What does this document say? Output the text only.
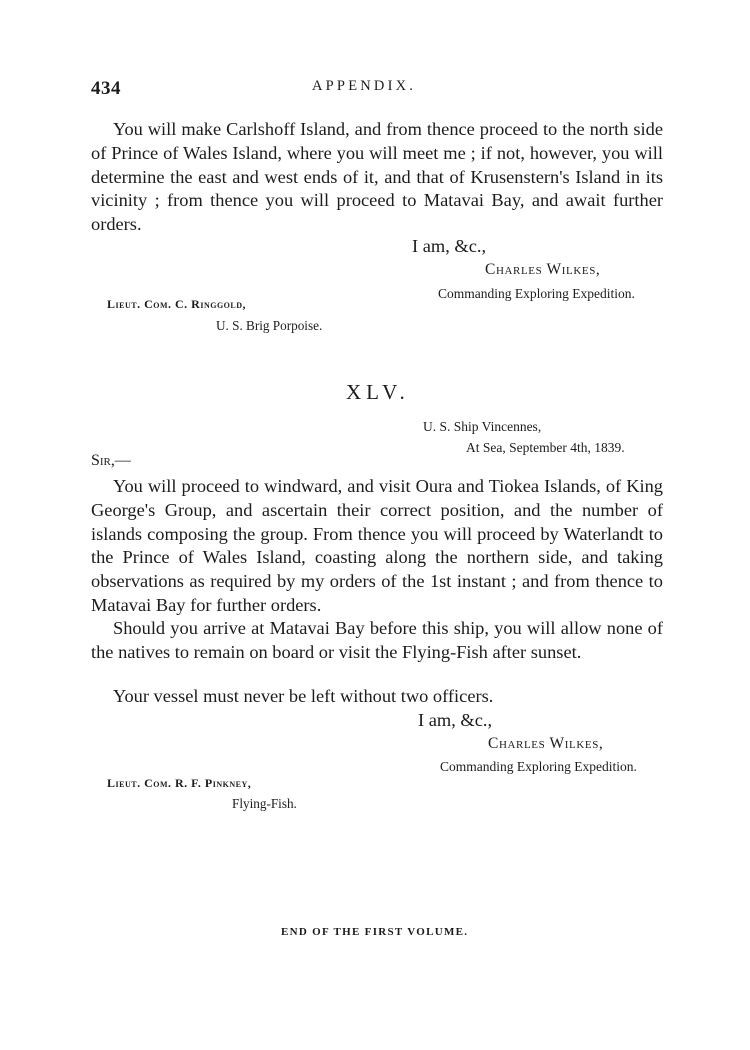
434	APPENDIX.
You will make Carlshoff Island, and from thence proceed to the north side of Prince of Wales Island, where you will meet me ; if not, however, you will determine the east and west ends of it, and that of Krusenstern's Island in its vicinity ; from thence you will proceed to Matavai Bay, and await further orders.
I am, &c.,
Charles Wilkes,
Commanding Exploring Expedition.
Lieut. Com. C. Ringgold,
U. S. Brig Porpoise.
XLV.
U. S. Ship Vincennes,
At Sea, September 4th, 1839.
Sir,—
You will proceed to windward, and visit Oura and Tiokea Islands, of King George's Group, and ascertain their correct position, and the number of islands composing the group. From thence you will proceed by Waterlandt to the Prince of Wales Island, coasting along the northern side, and taking observations as required by my orders of the 1st instant ; and from thence to Matavai Bay for further orders.
Should you arrive at Matavai Bay before this ship, you will allow none of the natives to remain on board or visit the Flying-Fish after sunset.
Your vessel must never be left without two officers.
I am, &c.,
Charles Wilkes,
Commanding Exploring Expedition.
Lieut. Com. R. F. Pinkney,
Flying-Fish.
END OF THE FIRST VOLUME.
